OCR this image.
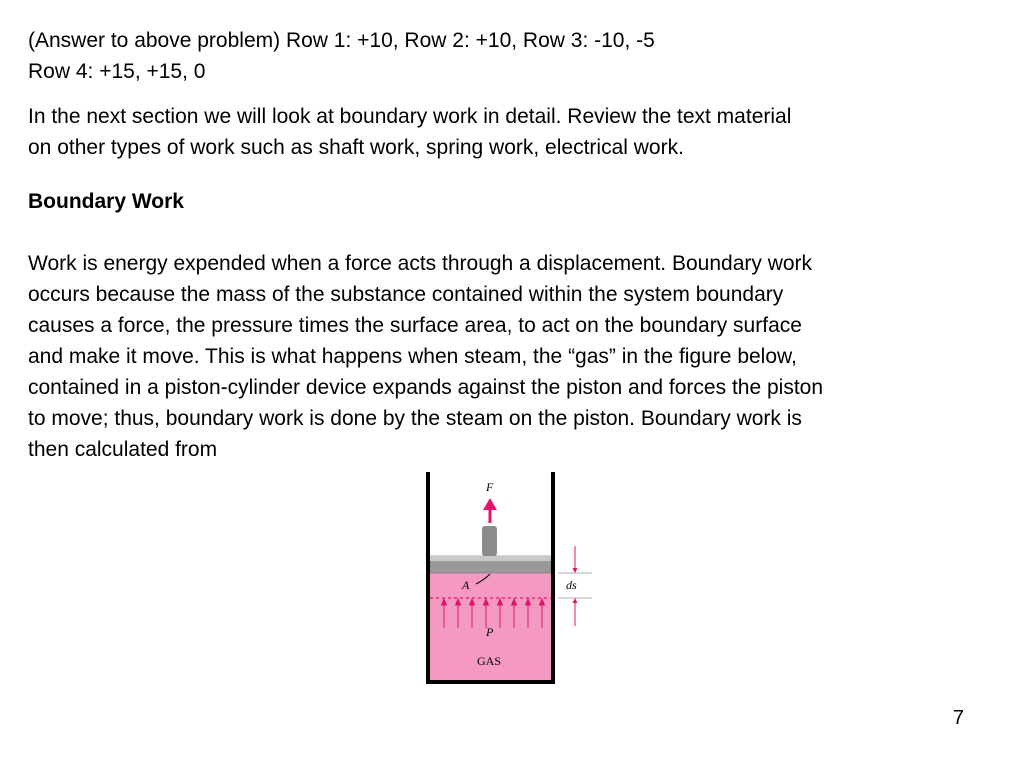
(Answer to above problem) Row 1: +10, Row 2: +10, Row 3: -10, -5
Row 4: +15, +15, 0
In the next section we will look at boundary work in detail. Review the text material
on other types of work such as shaft work, spring work, electrical work.
Boundary Work
Work is energy expended when a force acts through a displacement. Boundary work
occurs because the mass of the substance contained within the system boundary
causes a force, the pressure times the surface area, to act on the boundary surface
and make it move. This is what happens when steam, the “gas” in the figure below,
contained in a piston-cylinder device expands against the piston and forces the piston
to move; thus, boundary work is done by the steam on the piston. Boundary work is
then calculated from
F
A	ds
P
GAS
7
